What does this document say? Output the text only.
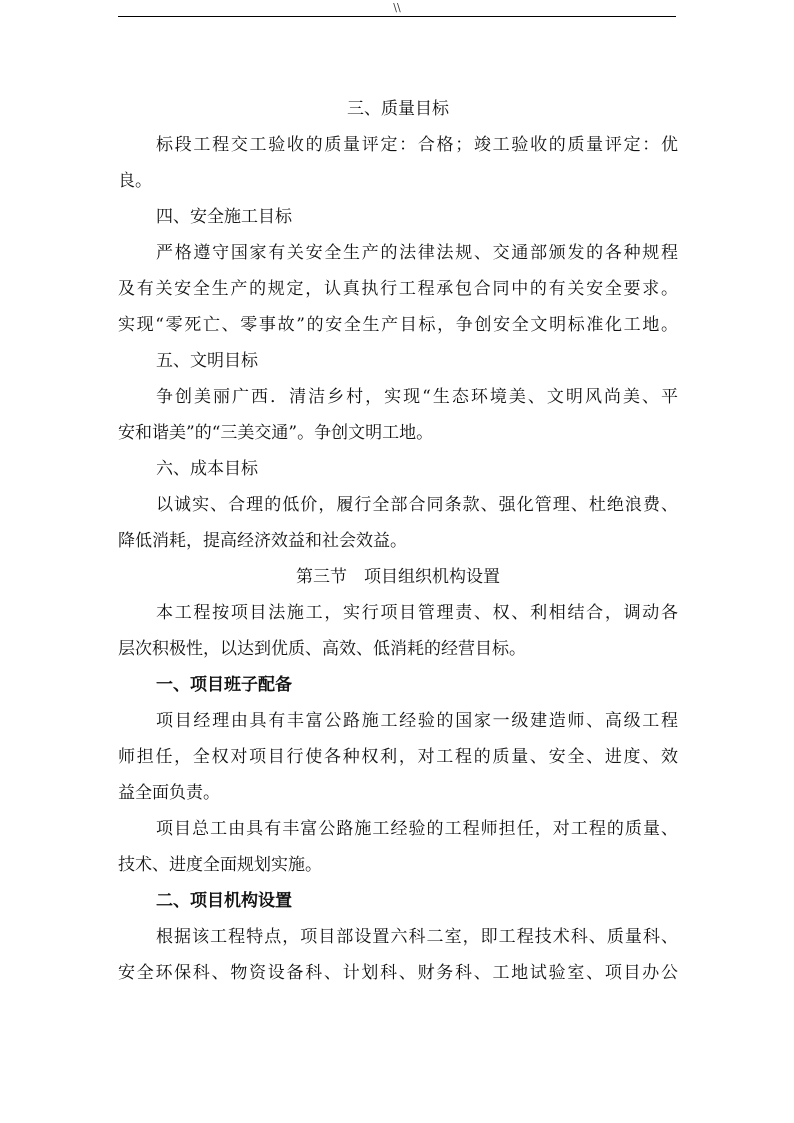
\\
三、质量目标
标段工程交工验收的质量评定：合格；竣工验收的质量评定：优
良。
四、安全施工目标
严格遵守国家有关安全生产的法律法规、交通部颁发的各种规程
及有关安全生产的规定，认真执行工程承包合同中的有关安全要求。
实现“零死亡、零事故”的安全生产目标，争创安全文明标准化工地。
五、文明目标
争创美丽广西．清洁乡村，实现“生态环境美、文明风尚美、平
安和谐美”的“三美交通”。争创文明工地。
六、成本目标
以诚实、合理的低价，履行全部合同条款、强化管理、杜绝浪费、
降低消耗，提高经济效益和社会效益。
第三节　项目组织机构设置
本工程按项目法施工，实行项目管理责、权、利相结合，调动各
层次积极性，以达到优质、高效、低消耗的经营目标。
一、项目班子配备
项目经理由具有丰富公路施工经验的国家一级建造师、高级工程
师担任，全权对项目行使各种权利，对工程的质量、安全、进度、效
益全面负责。
项目总工由具有丰富公路施工经验的工程师担任，对工程的质量、
技术、进度全面规划实施。
二、项目机构设置
根据该工程特点，项目部设置六科二室，即工程技术科、质量科、
安全环保科、物资设备科、计划科、财务科、工地试验室、项目办公
